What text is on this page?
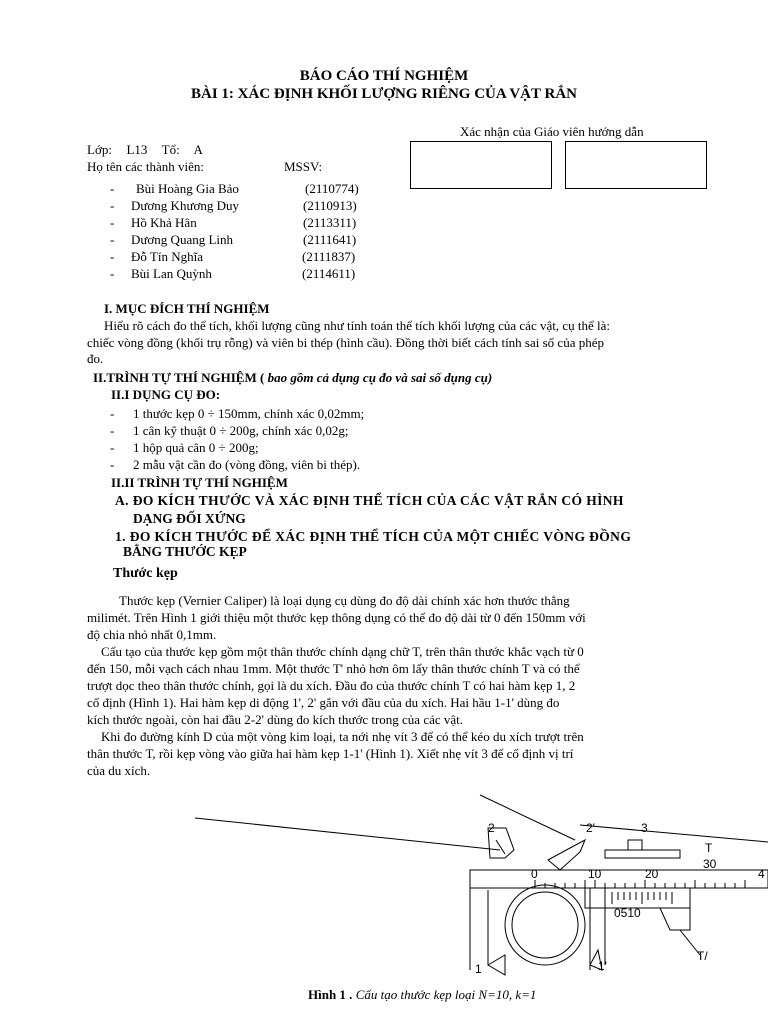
BÁO CÁO THÍ NGHIỆM
BÀI 1: XÁC ĐỊNH KHỐI LƯỢNG RIÊNG CỦA VẬT RẮN
Xác nhận của Giáo viên hướng dẫn
Lớp: L13 Tổ: A
Họ tên các thành viên:	MSSV:
- Bùi Hoàng Gia Bảo	(2110774)
- Dương Khương Duy	(2110913)
- Hồ Khả Hân	(2113311)
- Dương Quang Linh	(2111641)
- Đỗ Tín Nghĩa	(2111837)
- Bùi Lan Quỳnh	(2114611)
I. MỤC ĐÍCH THÍ NGHIỆM
Hiểu rõ cách đo thể tích, khối lượng cũng như tính toán thể tích khối lượng của các vật, cụ thể là:
chiếc vòng đồng (khối trụ rỗng) và viên bi thép (hình cầu). Đồng thời biết cách tính sai số của phép
đo.
II.TRÌNH TỰ THÍ NGHIỆM ( bao gồm cả dụng cụ đo và sai số dụng cụ)
II.I DỤNG CỤ ĐO:
- 1 thước kẹp 0 ÷ 150mm, chính xác 0,02mm;
- 1 cân kỹ thuật 0 ÷ 200g, chính xác 0,02g;
- 1 hộp quả cân 0 ÷ 200g;
- 2 mẫu vật cần đo (vòng đồng, viên bi thép).
II.II TRÌNH TỰ THÍ NGHIỆM
A. ĐO KÍCH THƯỚC VÀ XÁC ĐỊNH THỂ TÍCH CỦA CÁC VẬT RẮN CÓ HÌNH
DẠNG ĐỐI XỨNG
1. ĐO KÍCH THƯỚC ĐỂ XÁC ĐỊNH THỂ TÍCH CỦA MỘT CHIẾC VÒNG ĐỒNG
BẰNG THƯỚC KẸP
Thước kẹp
Thước kẹp (Vernier Caliper) là loại dụng cụ dùng đo độ dài chính xác hơn thước thẳng
milimét. Trên Hình 1 giới thiệu một thước kẹp thông dụng có thể đo độ dài từ 0 đến 150mm với
độ chia nhỏ nhất 0,1mm.
Cấu tạo của thước kẹp gồm một thân thước chính dạng chữ T, trên thân thước khắc vạch từ 0
đến 150, mỗi vạch cách nhau 1mm. Một thước T' nhỏ hơn ôm lấy thân thước chính T và có thể
trượt dọc theo thân thước chính, gọi là du xích. Đầu đo của thước chính T có hai hàm kẹp 1, 2
cố định (Hình 1). Hai hàm kẹp di động 1', 2' gắn với đầu của du xích. Hai hầu 1-1' dùng đo
kích thước ngoài, còn hai đầu 2-2' dùng đo kích thước trong của các vật.
Khi đo đường kính D của một vòng kim loại, ta nới nhẹ vít 3 để có thể kéo du xích trượt trên
thân thước T, rồi kẹp vòng vào giữa hai hàm kẹp 1-1' (Hình 1). Xiết nhẹ vít 3 để cố định vị trí
của du xích.
2	2'	3
T
30
0	10	20	4
0510
1	1'
T/
Hình 1 . Cấu tạo thước kẹp loại N=10, k=1
